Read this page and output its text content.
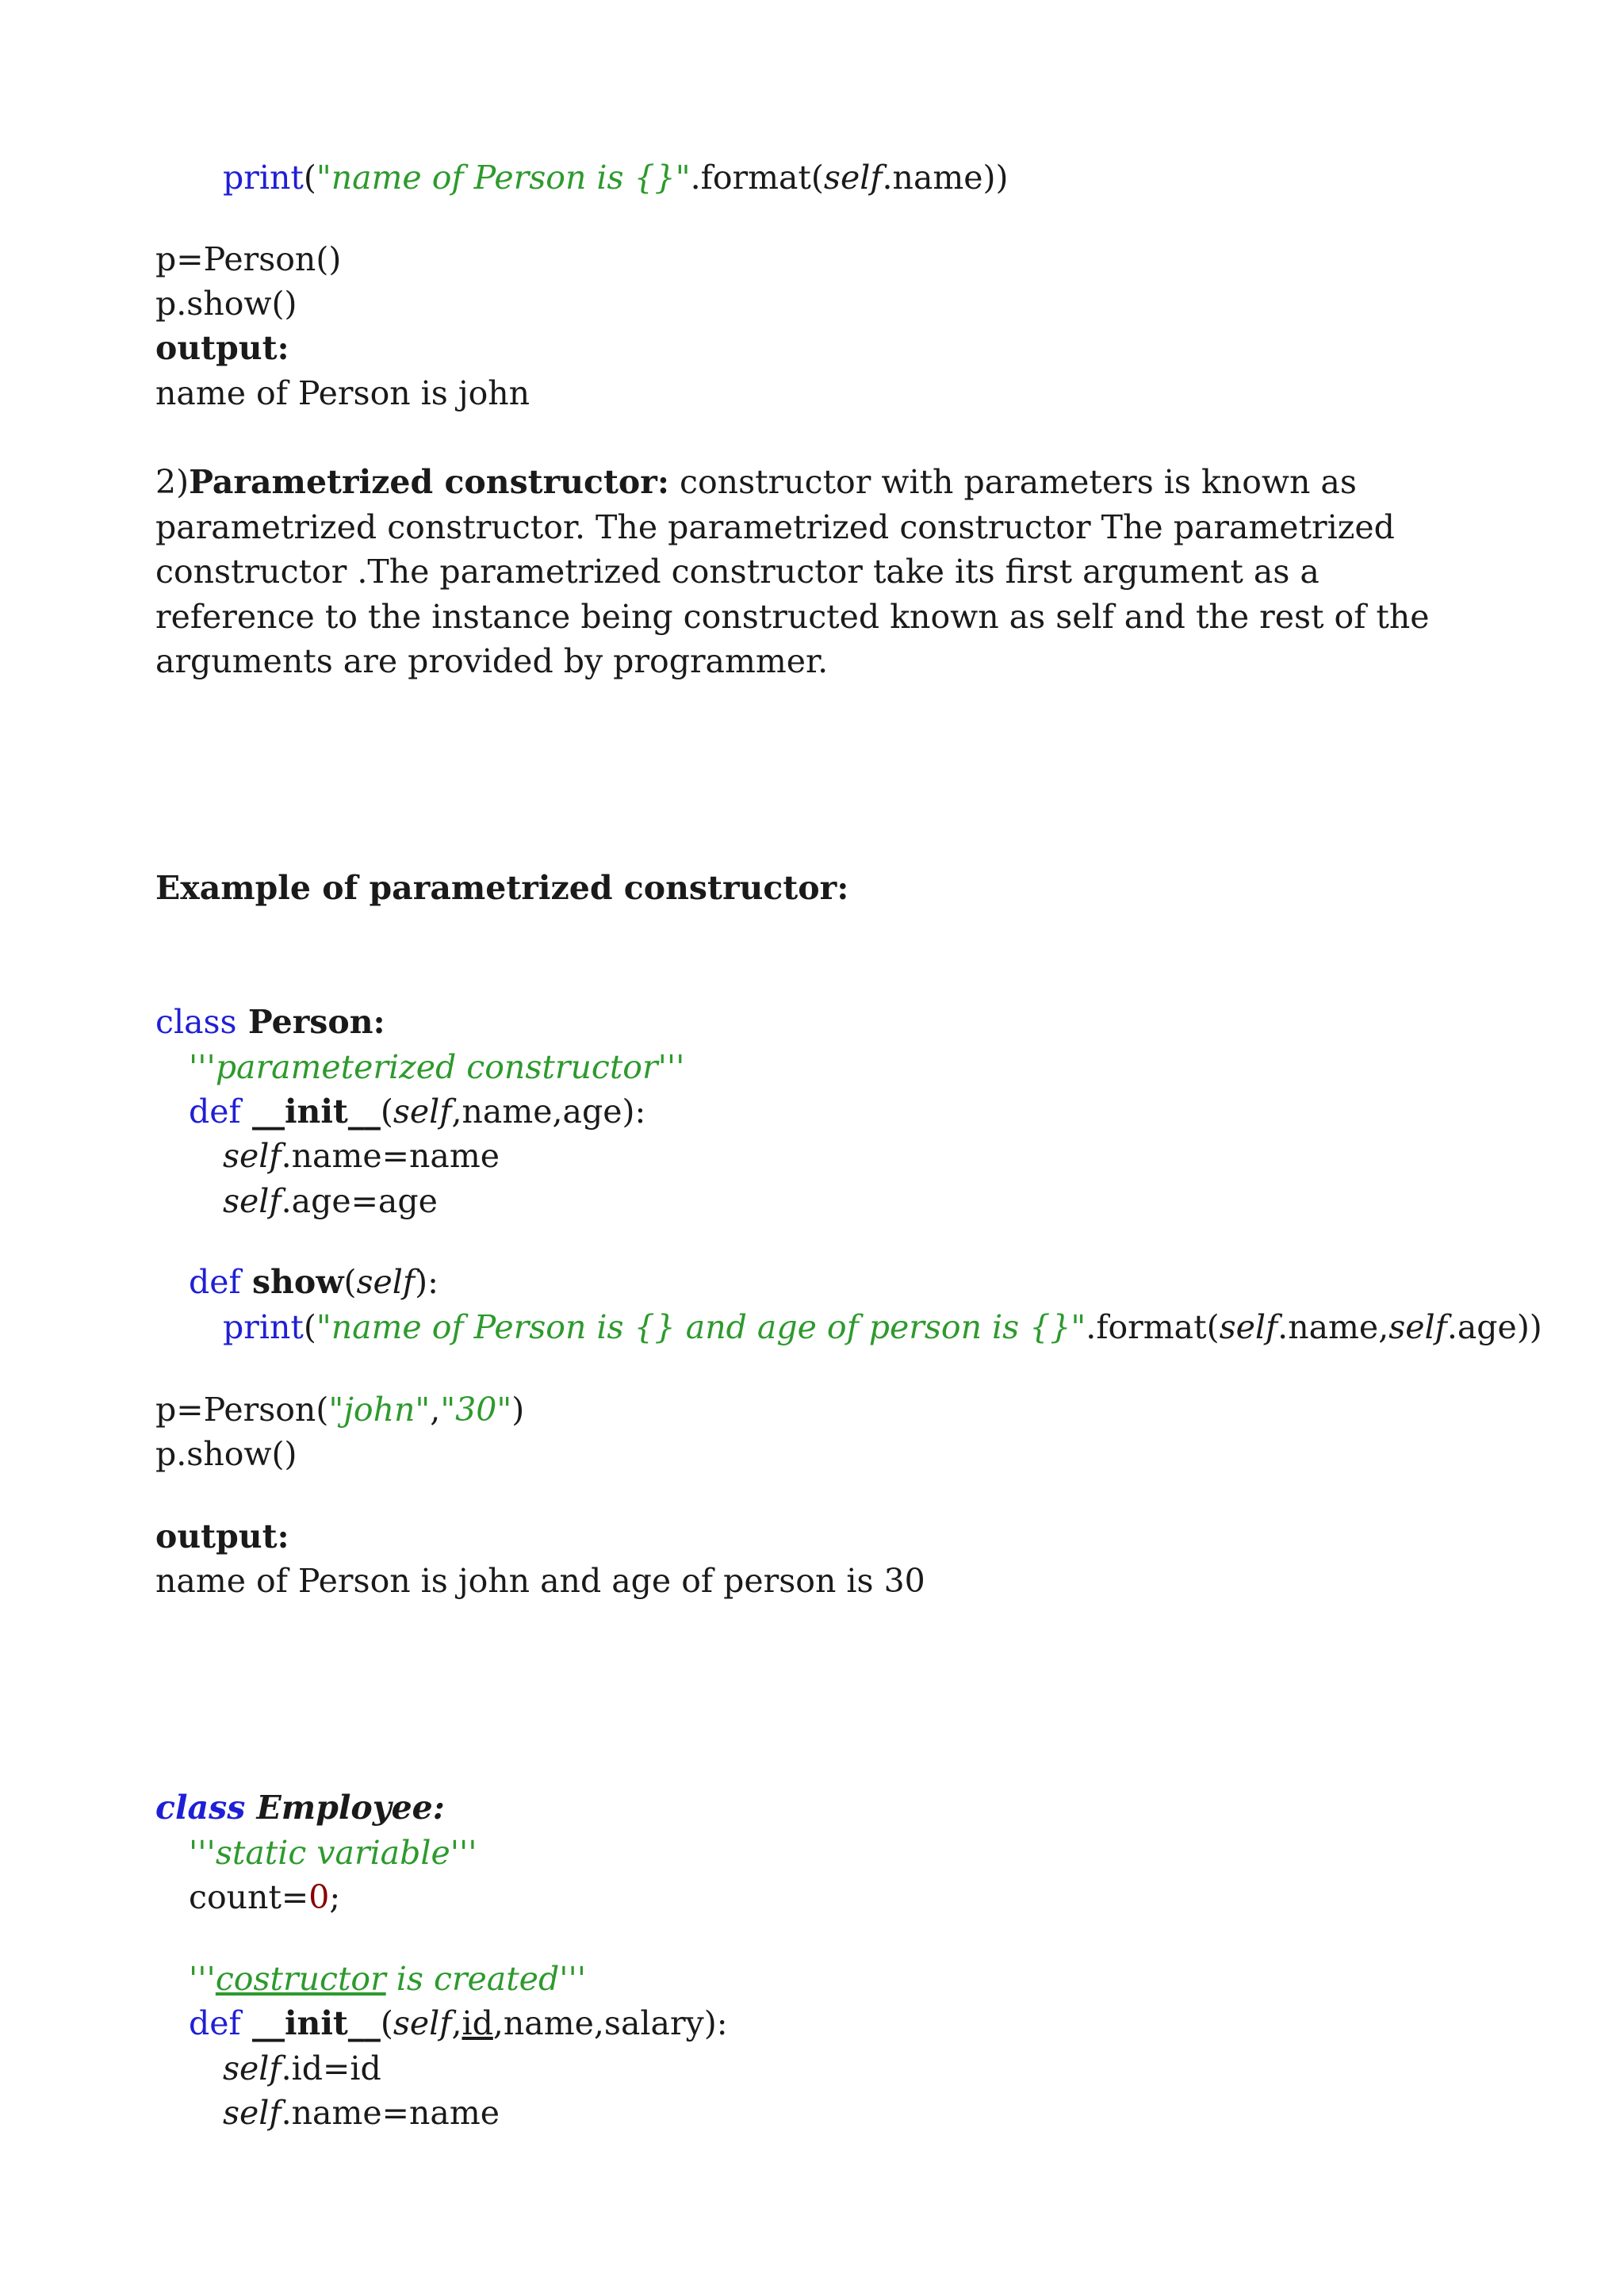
print("name of Person is {}".format(self.name))
p=Person()
p.show()
output:
name of Person is john
2)Parametrized constructor: constructor with parameters is known as parametrized constructor. The parametrized constructor The parametrized constructor .The parametrized constructor take its first argument as a reference to the instance being constructed known as self and the rest of the arguments are provided by programmer.
Example of parametrized constructor:
class Person:
'''parameterized constructor'''
def __init__(self,name,age):
self.name=name
self.age=age
def show(self):
print("name of Person is {} and age of person is {}".format(self.name,self.age))
p=Person("john","30")
p.show()
output:
name of Person is john and age of person is 30
class Employee:
'''static variable'''
count=0;
'''costructor is created'''
def __init__(self,id,name,salary):
self.id=id
self.name=name
